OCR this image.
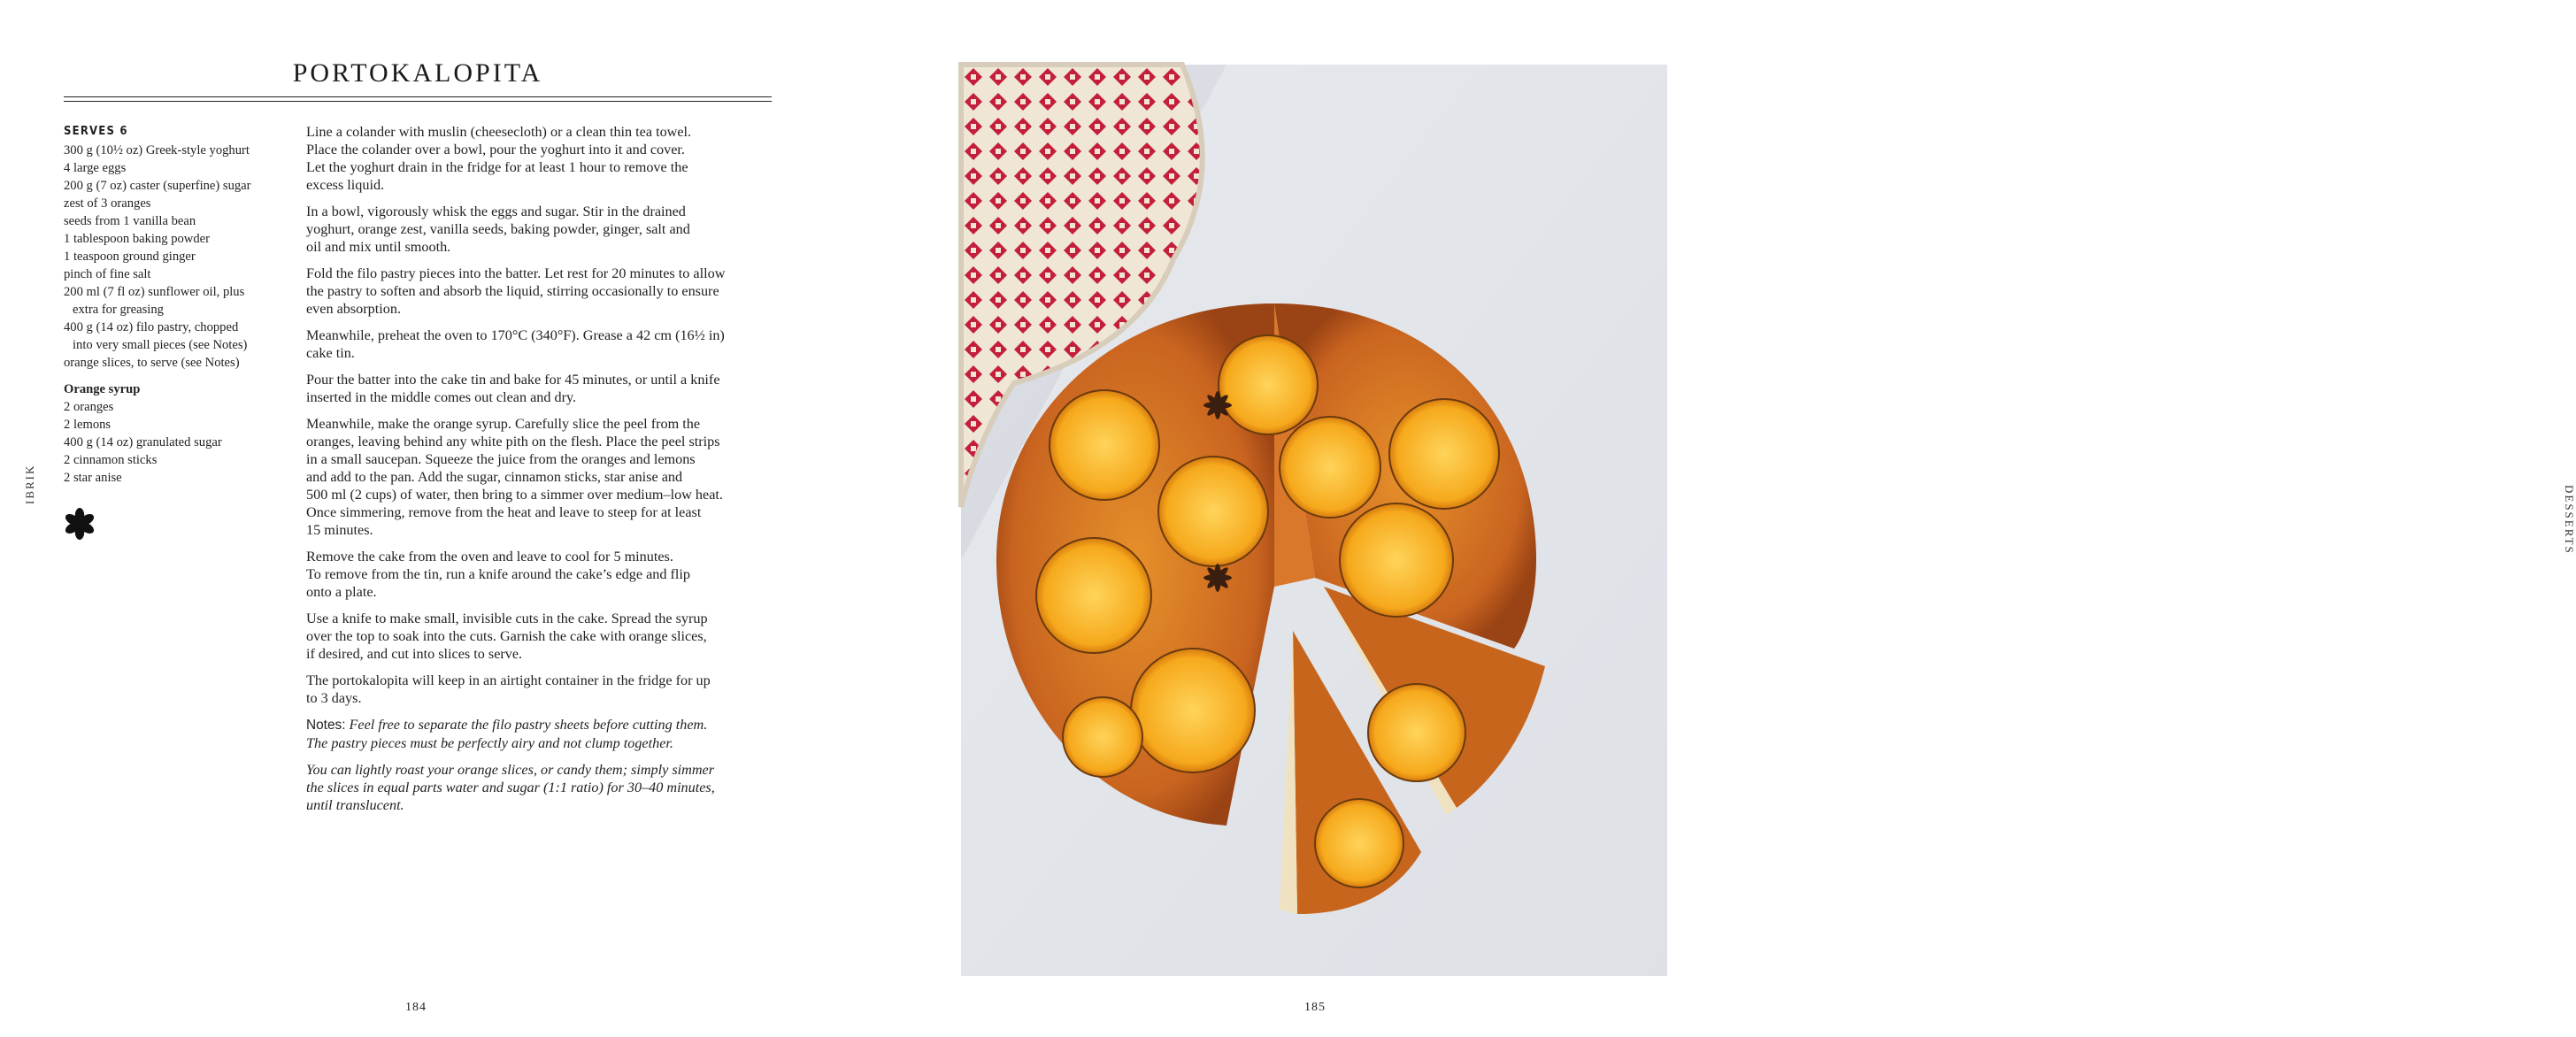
PORTOKALOPITA
SERVES 6
300 g (10½ oz) Greek-style yoghurt
4 large eggs
200 g (7 oz) caster (superfine) sugar
zest of 3 oranges
seeds from 1 vanilla bean
1 tablespoon baking powder
1 teaspoon ground ginger
pinch of fine salt
200 ml (7 fl oz) sunflower oil, plus
extra for greasing
400 g (14 oz) filo pastry, chopped
into very small pieces (see Notes)
orange slices, to serve (see Notes)
Orange syrup
2 oranges
2 lemons
400 g (14 oz) granulated sugar
2 cinnamon sticks
2 star anise

Line a colander with muslin (cheesecloth) or a clean thin tea towel.
Place the colander over a bowl, pour the yoghurt into it and cover.
Let the yoghurt drain in the fridge for at least 1 hour to remove the
excess liquid.

In a bowl, vigorously whisk the eggs and sugar. Stir in the drained
yoghurt, orange zest, vanilla seeds, baking powder, ginger, salt and
oil and mix until smooth.

Fold the filo pastry pieces into the batter. Let rest for 20 minutes to allow
the pastry to soften and absorb the liquid, stirring occasionally to ensure
even absorption.

Meanwhile, preheat the oven to 170°C (340°F). Grease a 42 cm (16½ in)
cake tin.

Pour the batter into the cake tin and bake for 45 minutes, or until a knife
inserted in the middle comes out clean and dry.

Meanwhile, make the orange syrup. Carefully slice the peel from the
oranges, leaving behind any white pith on the flesh. Place the peel strips
in a small saucepan. Squeeze the juice from the oranges and lemons
and add to the pan. Add the sugar, cinnamon sticks, star anise and
500 ml (2 cups) of water, then bring to a simmer over medium–low heat.
Once simmering, remove from the heat and leave to steep for at least
15 minutes.

Remove the cake from the oven and leave to cool for 5 minutes.
To remove from the tin, run a knife around the cake’s edge and flip
onto a plate.

Use a knife to make small, invisible cuts in the cake. Spread the syrup
over the top to soak into the cuts. Garnish the cake with orange slices,
if desired, and cut into slices to serve.

The portokalopita will keep in an airtight container in the fridge for up
to 3 days.

Notes: Feel free to separate the filo pastry sheets before cutting them.
The pastry pieces must be perfectly airy and not clump together.

You can lightly roast your orange slices, or candy them; simply simmer
the slices in equal parts water and sugar (1:1 ratio) for 30–40 minutes,
until translucent.

IBRIK
184
DESSERTS
185
